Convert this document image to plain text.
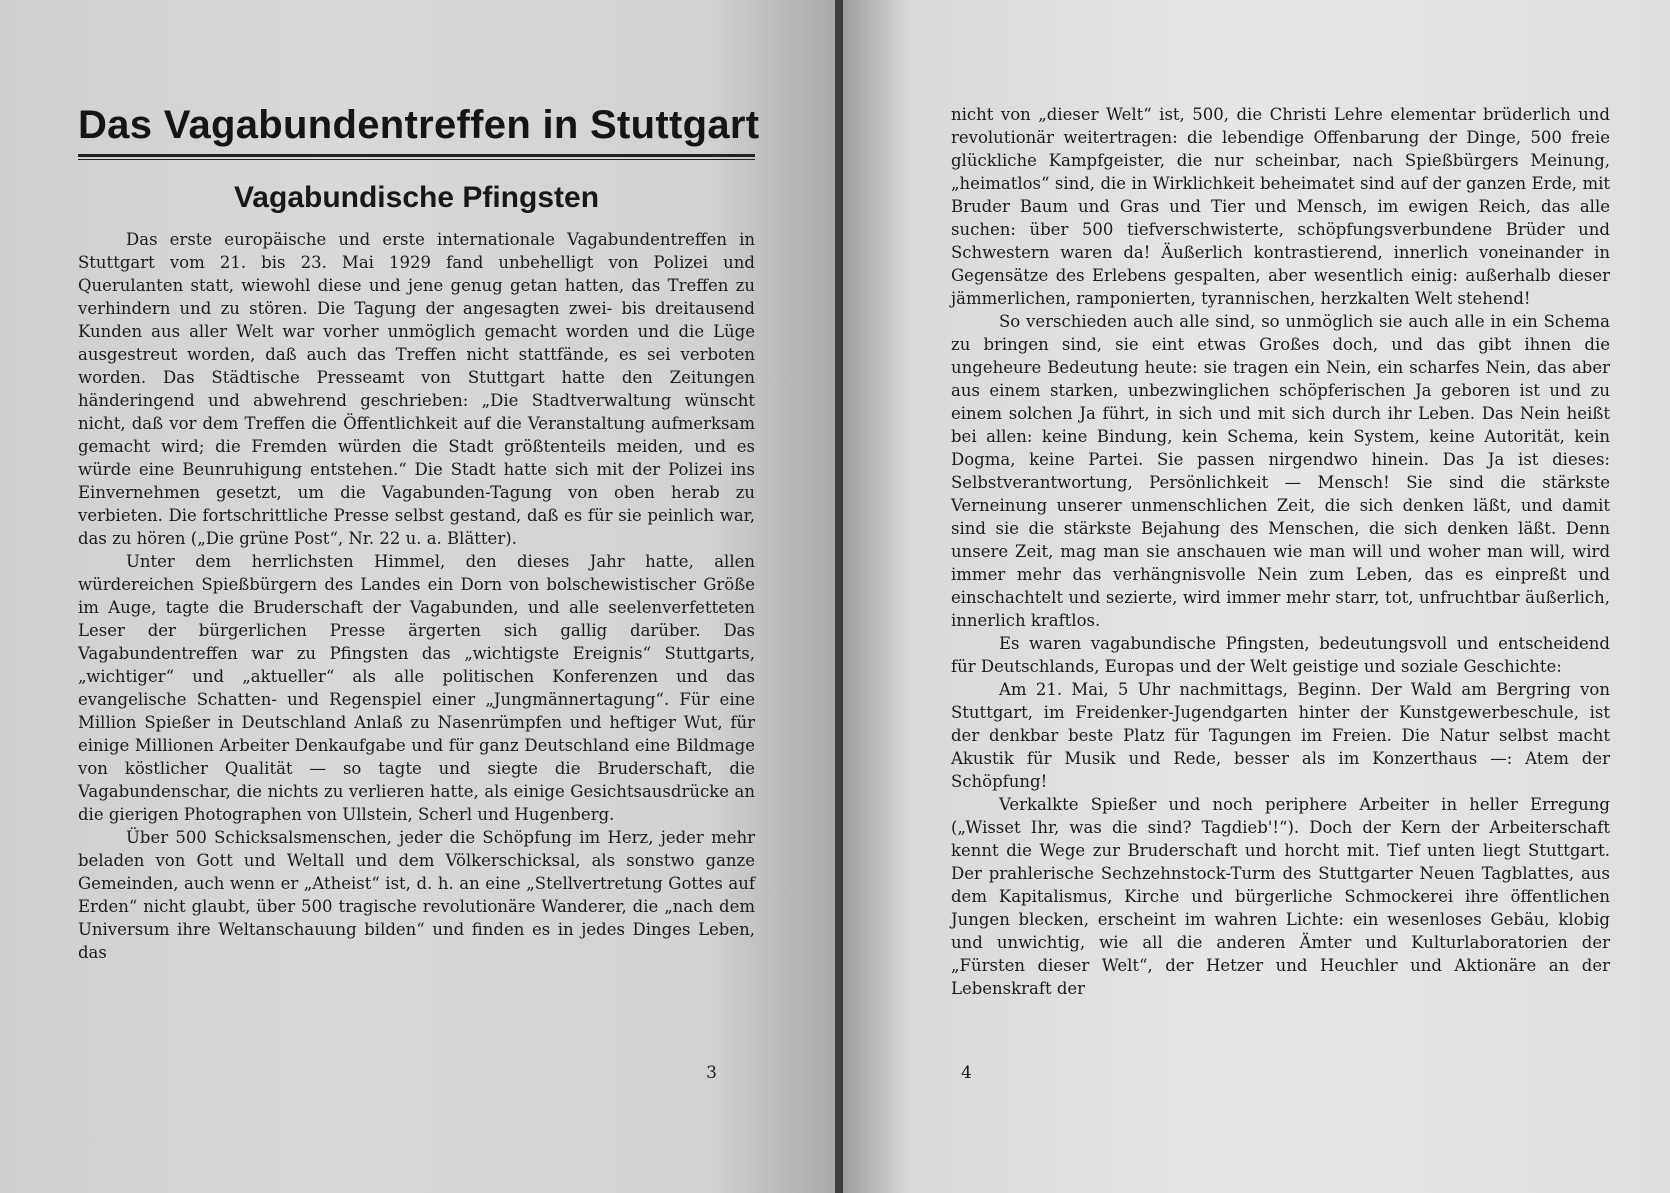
Das Vagabundentreffen in Stuttgart
Vagabundische Pfingsten

Das erste europäische und erste internationale Vagabundentreffen in Stuttgart vom 21. bis 23. Mai 1929 fand unbehelligt von Polizei und Querulanten statt, wiewohl diese und jene genug getan hatten, das Treffen zu verhindern und zu stören. Die Tagung der angesagten zwei- bis dreitausend Kunden aus aller Welt war vorher unmöglich gemacht worden und die Lüge ausgestreut worden, daß auch das Treffen nicht stattfände, es sei verboten worden. Das Städtische Presseamt von Stuttgart hatte den Zeitungen händeringend und abwehrend geschrieben: „Die Stadtverwaltung wünscht nicht, daß vor dem Treffen die Öffentlichkeit auf die Veranstaltung aufmerksam gemacht wird; die Fremden würden die Stadt größtenteils meiden, und es würde eine Beunruhigung entstehen.“ Die Stadt hatte sich mit der Polizei ins Einvernehmen gesetzt, um die Vagabunden-Tagung von oben herab zu verbieten. Die fortschrittliche Presse selbst gestand, daß es für sie peinlich war, das zu hören („Die grüne Post“, Nr. 22 u. a. Blätter).

Unter dem herrlichsten Himmel, den dieses Jahr hatte, allen würdereichen Spießbürgern des Landes ein Dorn von bolschewistischer Größe im Auge, tagte die Bruderschaft der Vagabunden, und alle seelenverfetteten Leser der bürgerlichen Presse ärgerten sich gallig darüber. Das Vagabundentreffen war zu Pfingsten das „wichtigste Ereignis“ Stuttgarts, „wichtiger“ und „aktueller“ als alle politischen Konferenzen und das evangelische Schatten- und Regenspiel einer „Jungmännertagung“. Für eine Million Spießer in Deutschland Anlaß zu Nasenrümpfen und heftiger Wut, für einige Millionen Arbeiter Denkaufgabe und für ganz Deutschland eine Bildmage von köstlicher Qualität — so tagte und siegte die Bruderschaft, die Vagabundenschar, die nichts zu verlieren hatte, als einige Gesichtsausdrücke an die gierigen Photographen von Ullstein, Scherl und Hugenberg.

Über 500 Schicksalsmenschen, jeder die Schöpfung im Herz, jeder mehr beladen von Gott und Weltall und dem Völkerschicksal, als sonstwo ganze Gemeinden, auch wenn er „Atheist“ ist, d. h. an eine „Stellvertretung Gottes auf Erden“ nicht glaubt, über 500 tragische revolutionäre Wanderer, die „nach dem Universum ihre Weltanschauung bilden“ und finden es in jedes Dinges Leben, das

3

nicht von „dieser Welt“ ist, 500, die Christi Lehre elementar brüderlich und revolutionär weitertragen: die lebendige Offenbarung der Dinge, 500 freie glückliche Kampfgeister, die nur scheinbar, nach Spießbürgers Meinung, „heimatlos“ sind, die in Wirklichkeit beheimatet sind auf der ganzen Erde, mit Bruder Baum und Gras und Tier und Mensch, im ewigen Reich, das alle suchen: über 500 tiefverschwisterte, schöpfungsverbundene Brüder und Schwestern waren da! Äußerlich kontrastierend, innerlich voneinander in Gegensätze des Erlebens gespalten, aber wesentlich einig: außerhalb dieser jämmerlichen, ramponierten, tyrannischen, herzkalten Welt stehend!

So verschieden auch alle sind, so unmöglich sie auch alle in ein Schema zu bringen sind, sie eint etwas Großes doch, und das gibt ihnen die ungeheure Bedeutung heute: sie tragen ein Nein, ein scharfes Nein, das aber aus einem starken, unbezwinglichen schöpferischen Ja geboren ist und zu einem solchen Ja führt, in sich und mit sich durch ihr Leben. Das Nein heißt bei allen: keine Bindung, kein Schema, kein System, keine Autorität, kein Dogma, keine Partei. Sie passen nirgendwo hinein. Das Ja ist dieses: Selbstverantwortung, Persönlichkeit — Mensch! Sie sind die stärkste Verneinung unserer unmenschlichen Zeit, die sich denken läßt, und damit sind sie die stärkste Bejahung des Menschen, die sich denken läßt. Denn unsere Zeit, mag man sie anschauen wie man will und woher man will, wird immer mehr das verhängnisvolle Nein zum Leben, das es einpreßt und einschachtelt und sezierte, wird immer mehr starr, tot, unfruchtbar äußerlich, innerlich kraftlos.

Es waren vagabundische Pfingsten, bedeutungsvoll und entscheidend für Deutschlands, Europas und der Welt geistige und soziale Geschichte:

Am 21. Mai, 5 Uhr nachmittags, Beginn. Der Wald am Bergring von Stuttgart, im Freidenker-Jugendgarten hinter der Kunstgewerbeschule, ist der denkbar beste Platz für Tagungen im Freien. Die Natur selbst macht Akustik für Musik und Rede, besser als im Konzerthaus —: Atem der Schöpfung!

Verkalkte Spießer und noch periphere Arbeiter in heller Erregung („Wisset Ihr, was die sind? Tagdieb'!“). Doch der Kern der Arbeiterschaft kennt die Wege zur Bruderschaft und horcht mit. Tief unten liegt Stuttgart. Der prahlerische Sechzehnstock-Turm des Stuttgarter Neuen Tagblattes, aus dem Kapitalismus, Kirche und bürgerliche Schmockerei ihre öffentlichen Jungen blecken, erscheint im wahren Lichte: ein wesenloses Gebäu, klobig und unwichtig, wie all die anderen Ämter und Kulturlaboratorien der „Fürsten dieser Welt“, der Hetzer und Heuchler und Aktionäre an der Lebenskraft der

4
